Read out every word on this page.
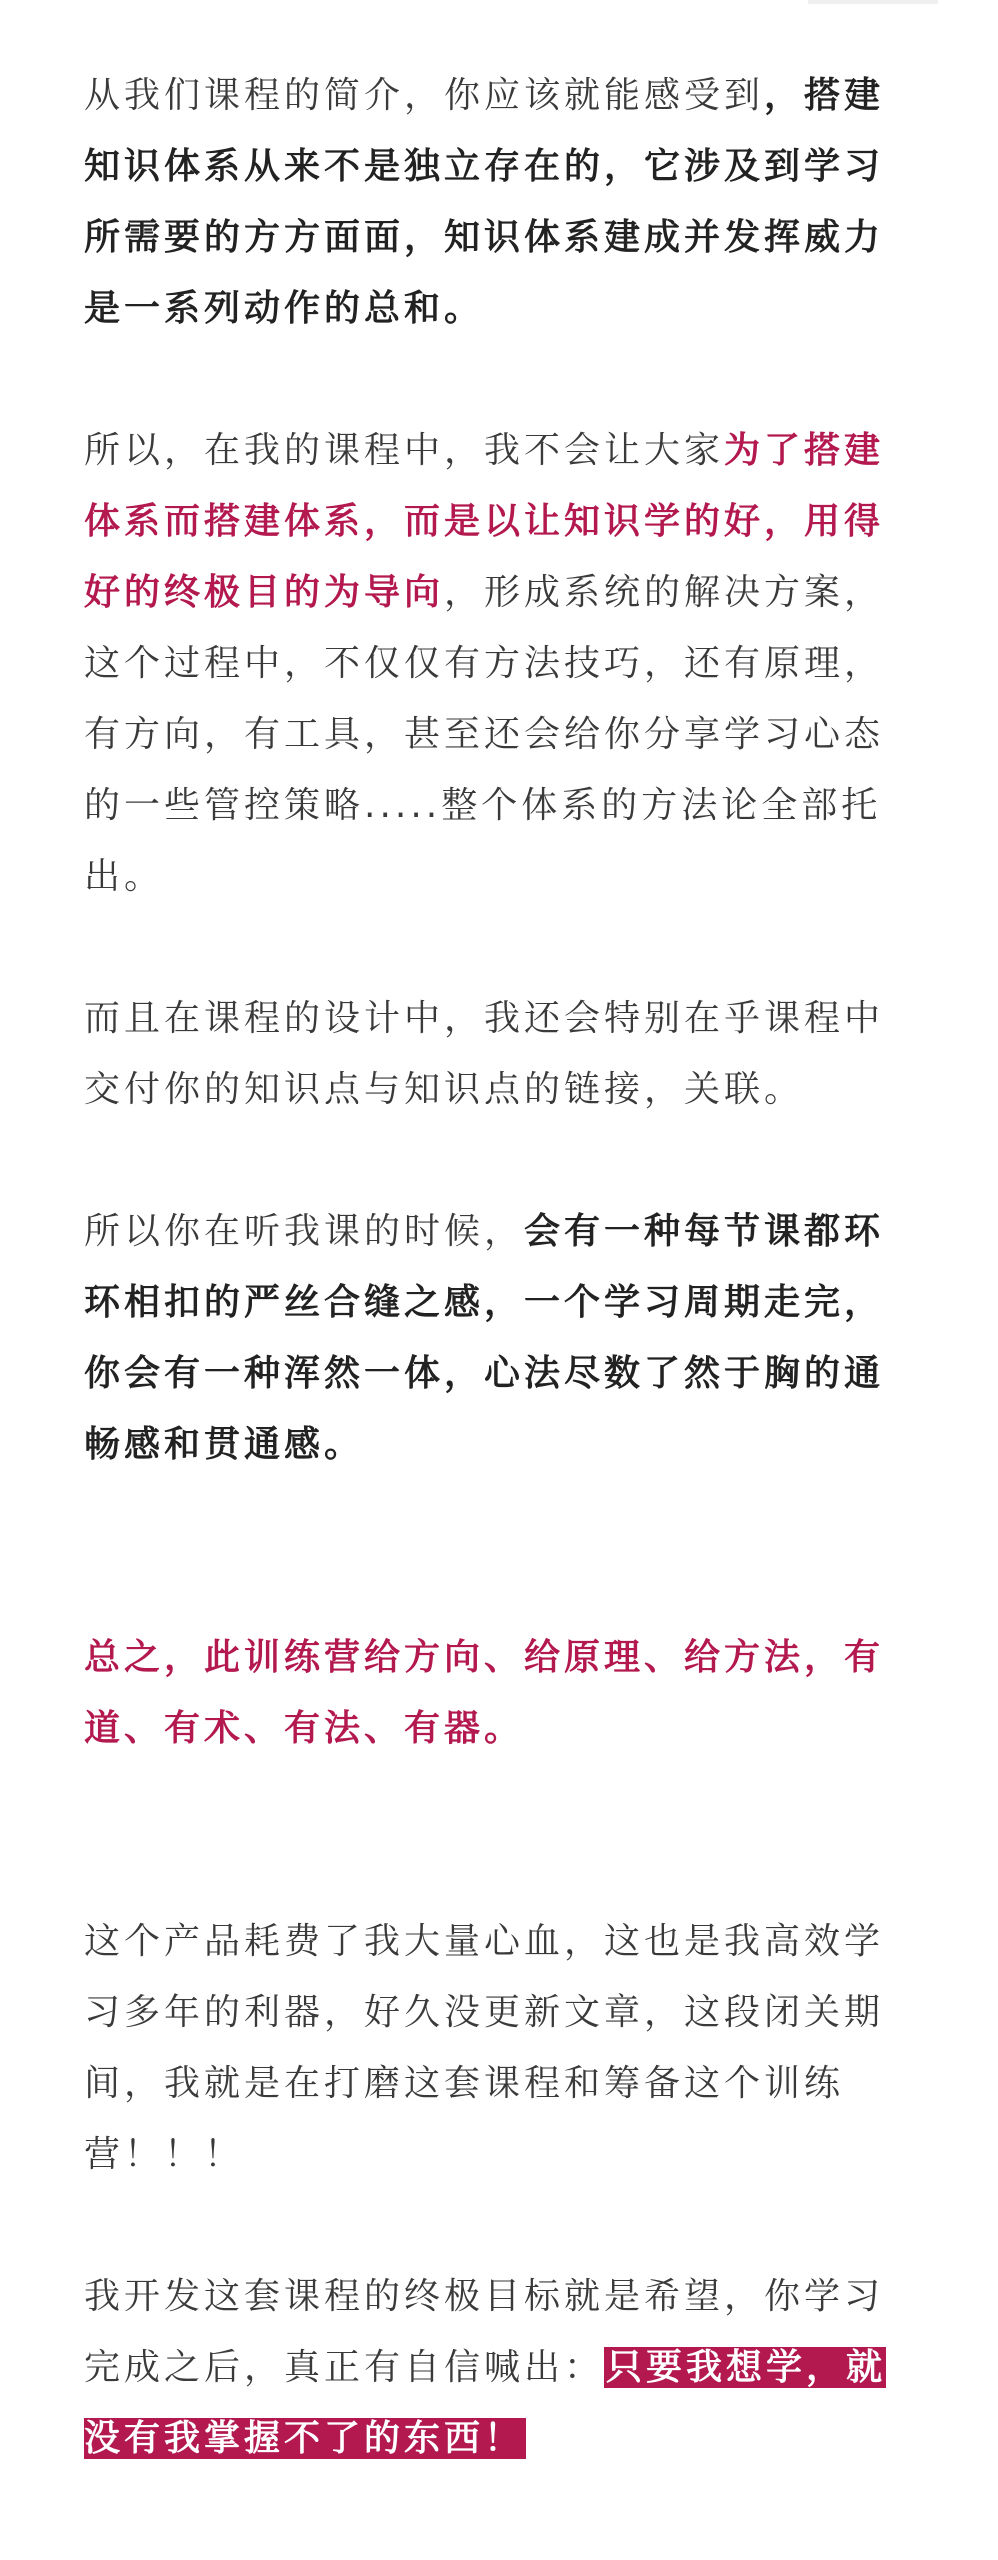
从我们课程的简介，你应该就能感受到，搭建知识体系从来不是独立存在的，它涉及到学习所需要的方方面面，知识体系建成并发挥威力是一系列动作的总和。

所以，在我的课程中，我不会让大家为了搭建体系而搭建体系，而是以让知识学的好，用得好的终极目的为导向，形成系统的解决方案，这个过程中，不仅仅有方法技巧，还有原理，有方向，有工具，甚至还会给你分享学习心态的一些管控策略.....整个体系的方法论全部托出。

而且在课程的设计中，我还会特别在乎课程中交付你的知识点与知识点的链接，关联。

所以你在听我课的时候，会有一种每节课都环环相扣的严丝合缝之感，一个学习周期走完，你会有一种浑然一体，心法尽数了然于胸的通畅感和贯通感。

总之，此训练营给方向、给原理、给方法，有道、有术、有法、有器。

这个产品耗费了我大量心血，这也是我高效学习多年的利器，好久没更新文章，这段闭关期间，我就是在打磨这套课程和筹备这个训练营！！！

我开发这套课程的终极目标就是希望，你学习完成之后，真正有自信喊出：只要我想学，就没有我掌握不了的东西！
